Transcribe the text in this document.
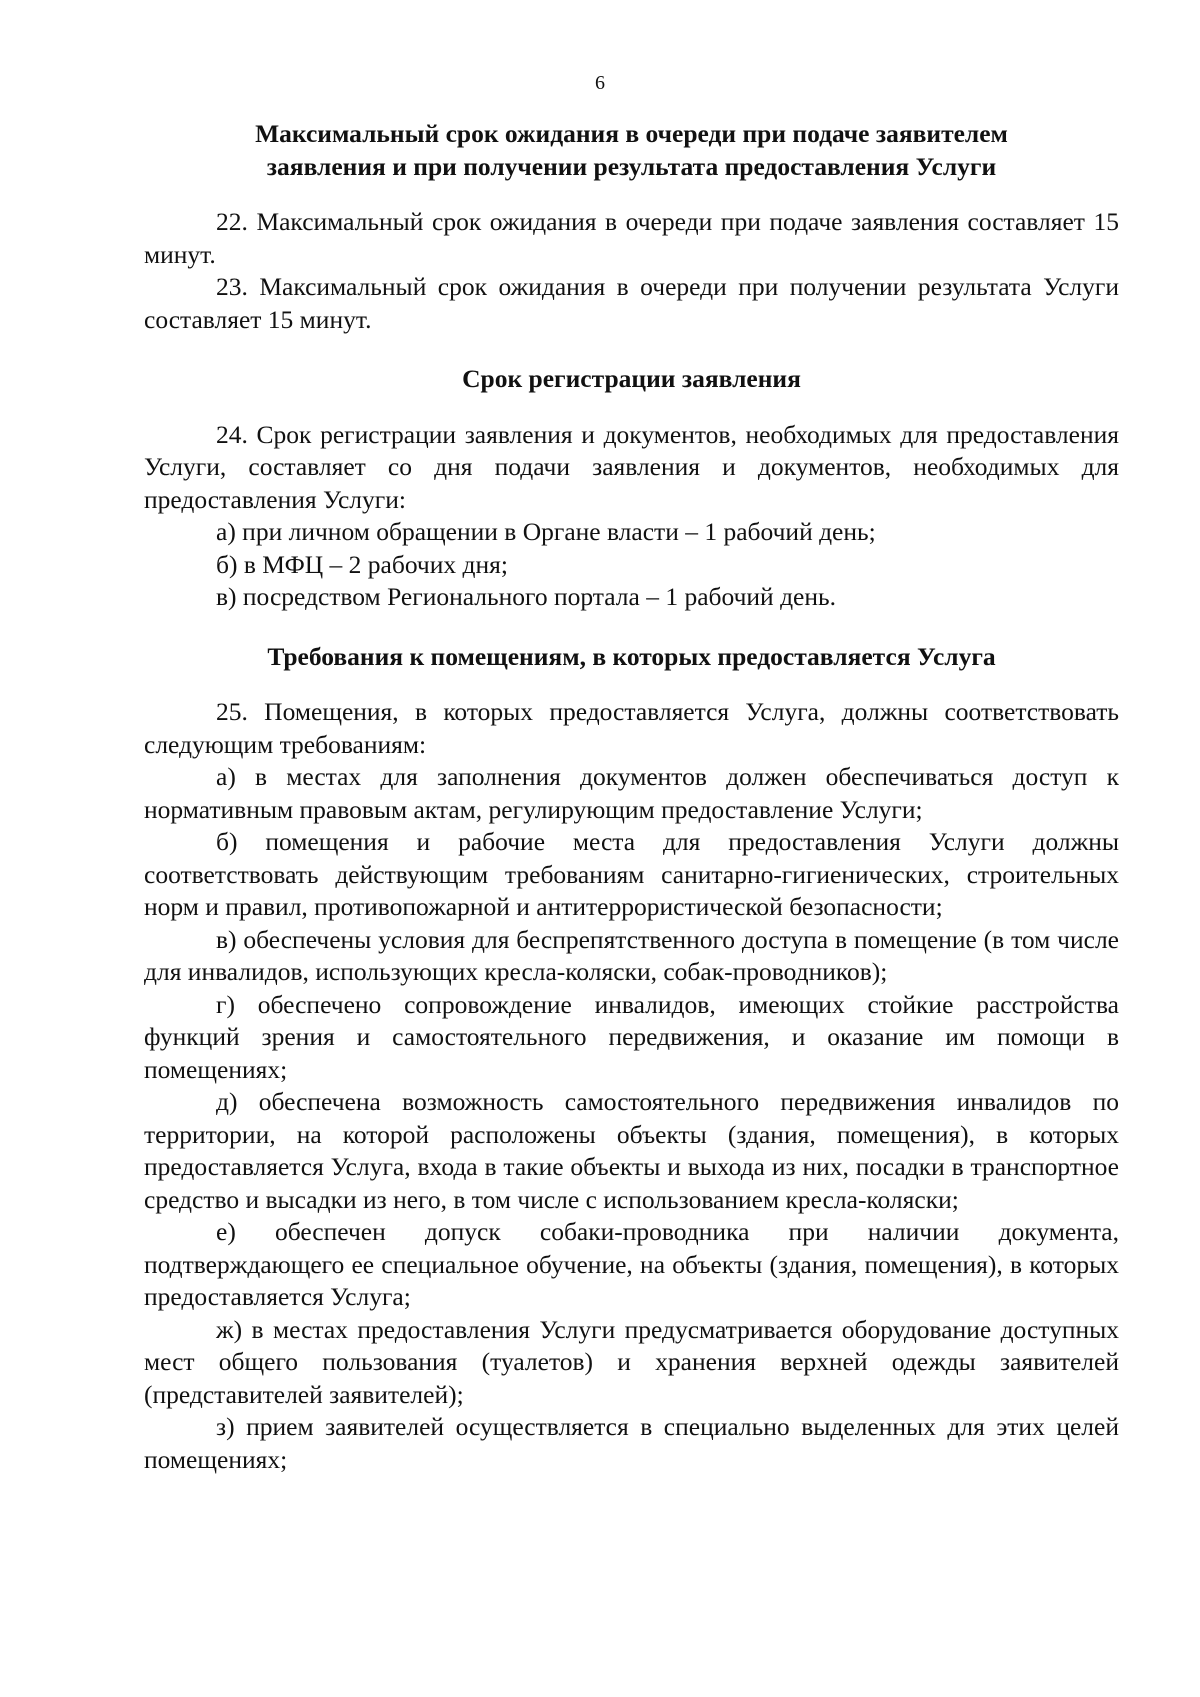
6
Максимальный срок ожидания в очереди при подаче заявителем заявления и при получении результата предоставления Услуги

22. Максимальный срок ожидания в очереди при подаче заявления составляет 15 минут.

23. Максимальный срок ожидания в очереди при получении результата Услуги составляет 15 минут.

Срок регистрации заявления

24. Срок регистрации заявления и документов, необходимых для предоставления Услуги, составляет со дня подачи заявления и документов, необходимых для предоставления Услуги:

а) при личном обращении в Органе власти – 1 рабочий день;

б) в МФЦ – 2 рабочих дня;

в) посредством Регионального портала – 1 рабочий день.

Требования к помещениям, в которых предоставляется Услуга

25. Помещения, в которых предоставляется Услуга, должны соответствовать следующим требованиям:

а) в местах для заполнения документов должен обеспечиваться доступ к нормативным правовым актам, регулирующим предоставление Услуги;

б) помещения и рабочие места для предоставления Услуги должны соответствовать действующим требованиям санитарно-гигиенических, строительных норм и правил, противопожарной и антитеррористической безопасности;

в) обеспечены условия для беспрепятственного доступа в помещение (в том числе для инвалидов, использующих кресла-коляски, собак-проводников);

г) обеспечено сопровождение инвалидов, имеющих стойкие расстройства функций зрения и самостоятельного передвижения, и оказание им помощи в помещениях;

д) обеспечена возможность самостоятельного передвижения инвалидов по территории, на которой расположены объекты (здания, помещения), в которых предоставляется Услуга, входа в такие объекты и выхода из них, посадки в транспортное средство и высадки из него, в том числе с использованием кресла-коляски;

е) обеспечен допуск собаки-проводника при наличии документа, подтверждающего ее специальное обучение, на объекты (здания, помещения), в которых предоставляется Услуга;

ж) в местах предоставления Услуги предусматривается оборудование доступных мест общего пользования (туалетов) и хранения верхней одежды заявителей (представителей заявителей);

з) прием заявителей осуществляется в специально выделенных для этих целей помещениях;
